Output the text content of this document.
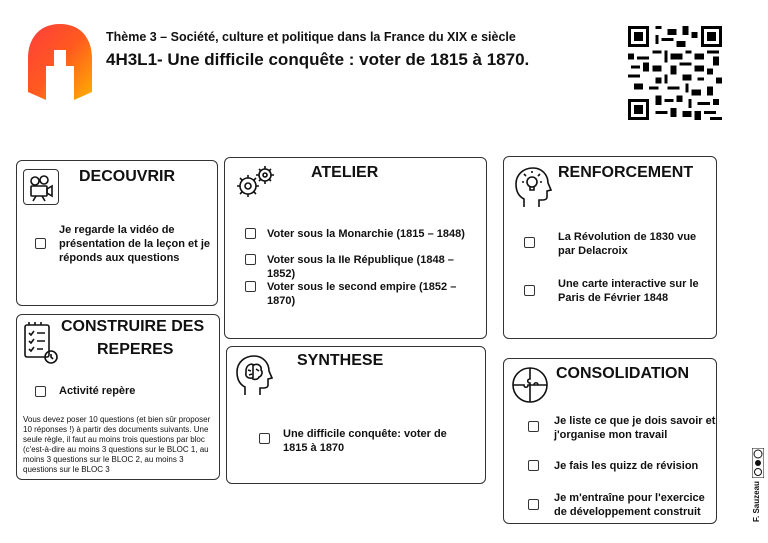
Thème 3 – Société, culture et politique dans la France du XIX e siècle
4H3L1- Une difficile conquête : voter de 1815 à 1870.
DECOUVRIR
Je regarde la vidéo de présentation de la leçon et je réponds aux questions
ATELIER
Voter sous la Monarchie (1815 – 1848)
Voter sous la IIe République (1848 – 1852)
Voter sous le second empire (1852 – 1870)
RENFORCEMENT
La Révolution de 1830 vue par Delacroix
Une carte interactive sur le Paris de Février 1848
CONSTRUIRE DES
REPERES
Activité repère
Vous devez poser 10 questions (et bien sûr proposer 10 réponses !) à partir des documents suivants. Une seule règle, il faut au moins trois questions par bloc (c'est-à-dire au moins 3 questions sur le BLOC 1, au moins 3 questions sur le BLOC 2, au moins 3 questions sur le BLOC 3
SYNTHESE
Une difficile conquête: voter de 1815 à 1870
CONSOLIDATION
Je liste ce que je dois savoir et j'organise mon travail
Je fais les quizz de révision
Je m'entraîne pour l'exercice de développement construit	F. Sauzeau
